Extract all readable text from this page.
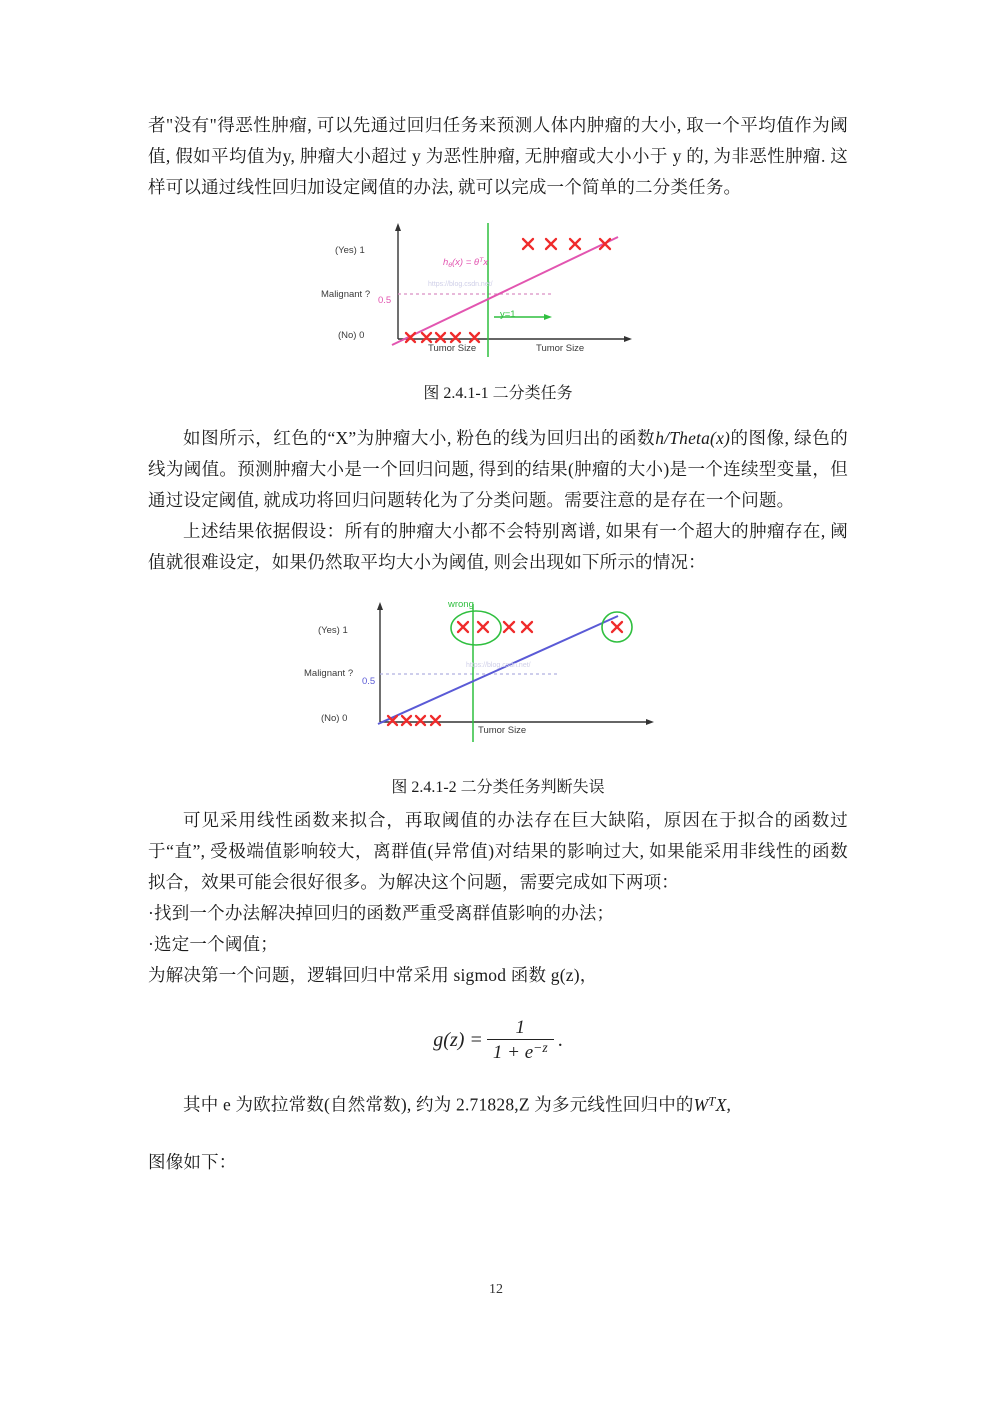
者"没有"得恶性肿瘤, 可以先通过回归任务来预测人体内肿瘤的大小, 取一个平均值作为阈值, 假如平均值为y, 肿瘤大小超过 y 为恶性肿瘤, 无肿瘤或大小小于 y 的, 为非恶性肿瘤. 这样可以通过线性回归加设定阈值的办法, 就可以完成一个简单的二分类任务。

(Yes) 1
Malignant ?
(No) 0
0.5
Tumor Size	Tumor Size
y=1
$h\theta(x) = \theta^Tx$
https://blog.csdn.net/

图 2.4.1-1 二分类任务

如图所示，红色的“X”为肿瘤大小, 粉色的线为回归出的函数h/Theta(x)的图像, 绿色的线为阈值。预测肿瘤大小是一个回归问题, 得到的结果(肿瘤的大小)是一个连续型变量，但通过设定阈值, 就成功将回归问题转化为了分类问题。需要注意的是存在一个问题。

上述结果依据假设：所有的肿瘤大小都不会特别离谱, 如果有一个超大的肿瘤存在, 阈值就很难设定，如果仍然取平均大小为阈值, 则会出现如下所示的情况：

(Yes) 1
Malignant ?
(No) 0
0.5
Tumor Size
wrong
https://blog.csdn.net/

图 2.4.1-2 二分类任务判断失误

可见采用线性函数来拟合，再取阈值的办法存在巨大缺陷，原因在于拟合的函数过于“直”, 受极端值影响较大，离群值(异常值)对结果的影响过大, 如果能采用非线性的函数拟合，效果可能会很好很多。为解决这个问题，需要完成如下两项：

·找到一个办法解决掉回归的函数严重受离群值影响的办法；

·选定一个阈值；

为解决第一个问题，逻辑回归中常采用 sigmod 函数 g(z)，

$g(z) = \frac{1}{1 + e^{-z}}$ .

其中 e 为欧拉常数(自然常数), 约为 2.71828,Z 为多元线性回归中的$W^TX$,

图像如下：

12
